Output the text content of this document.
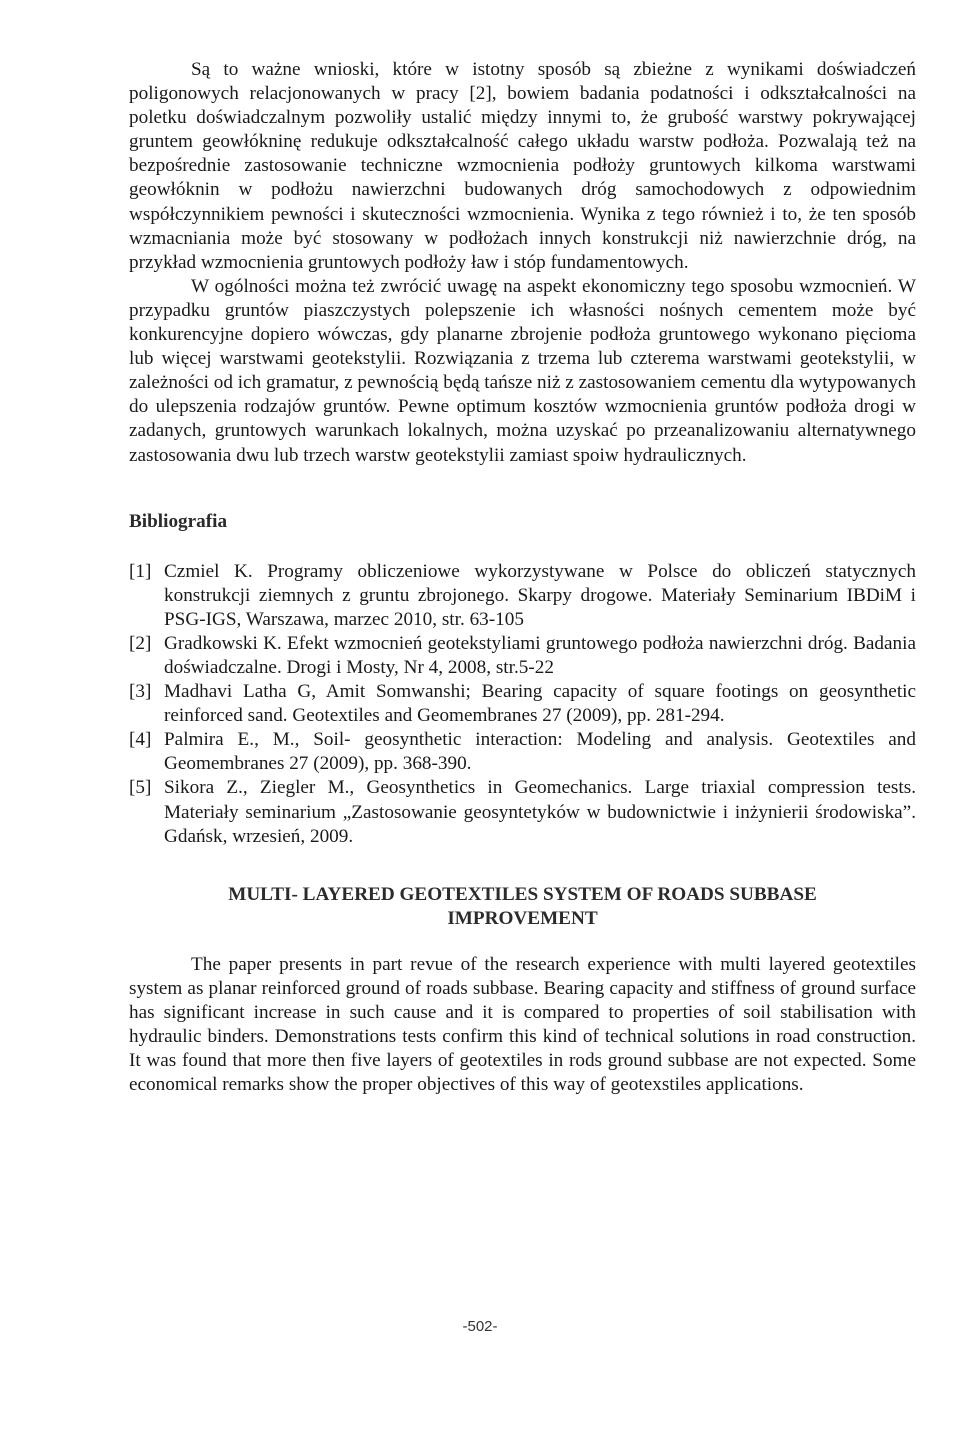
Są to ważne wnioski, które w istotny sposób są zbieżne z wynikami doświadczeń poligonowych relacjonowanych w pracy [2], bowiem badania podatności i odkształcalności na poletku doświadczalnym pozwoliły ustalić między innymi to, że grubość warstwy pokrywającej gruntem geowłókninę redukuje odkształcalność całego układu warstw podłoża. Pozwalają też na bezpośrednie zastosowanie techniczne wzmocnienia podłoży gruntowych kilkoma warstwami geowłóknin w podłożu nawierzchni budowanych dróg samochodowych z odpowiednim współczynnikiem pewności i skuteczności wzmocnienia. Wynika z tego również i to, że ten sposób wzmacniania może być stosowany w podłożach innych konstrukcji niż nawierzchnie dróg, na przykład wzmocnienia gruntowych podłoży ław i stóp fundamentowych.

W ogólności można też zwrócić uwagę na aspekt ekonomiczny tego sposobu wzmocnień. W przypadku gruntów piaszczystych polepszenie ich własności nośnych cementem może być konkurencyjne dopiero wówczas, gdy planarne zbrojenie podłoża gruntowego wykonano pięcioma lub więcej warstwami geotekstylii. Rozwiązania z trzema lub czterema warstwami geotekstylii, w zależności od ich gramatur, z pewnością będą tańsze niż z zastosowaniem cementu dla wytypowanych do ulepszenia rodzajów gruntów. Pewne optimum kosztów wzmocnienia gruntów podłoża drogi w zadanych, gruntowych warunkach lokalnych, można uzyskać po przeanalizowaniu alternatywnego zastosowania dwu lub trzech warstw geotekstylii zamiast spoiw hydraulicznych.

Bibliografia
[1] Czmiel K. Programy obliczeniowe wykorzystywane w Polsce do obliczeń statycznych konstrukcji ziemnych z gruntu zbrojonego. Skarpy drogowe. Materiały Seminarium IBDiM i PSG-IGS, Warszawa, marzec 2010, str. 63-105
[2] Gradkowski K. Efekt wzmocnień geotekstyliami gruntowego podłoża nawierzchni dróg. Badania doświadczalne. Drogi i Mosty, Nr 4, 2008, str.5-22
[3] Madhavi Latha G, Amit Somwanshi; Bearing capacity of square footings on geosynthetic reinforced sand. Geotextiles and Geomembranes 27 (2009), pp. 281-294.
[4] Palmira E., M., Soil- geosynthetic interaction: Modeling and analysis. Geotextiles and Geomembranes 27 (2009), pp. 368-390.
[5] Sikora Z., Ziegler M., Geosynthetics in Geomechanics. Large triaxial compression tests. Materiały seminarium „Zastosowanie geosyntetyków w budownictwie i inżynierii środowiska”. Gdańsk, wrzesień, 2009.
MULTI- LAYERED GEOTEXTILES SYSTEM OF ROADS SUBBASE IMPROVEMENT

The paper presents in part revue of the research experience with multi layered geotextiles system as planar reinforced ground of roads subbase. Bearing capacity and stiffness of ground surface has significant increase in such cause and it is compared to properties of soil stabilisation with hydraulic binders. Demonstrations tests confirm this kind of technical solutions in road construction. It was found that more then five layers of geotextiles in rods ground subbase are not expected. Some economical remarks show the proper objectives of this way of geotexstiles applications.

-502-
